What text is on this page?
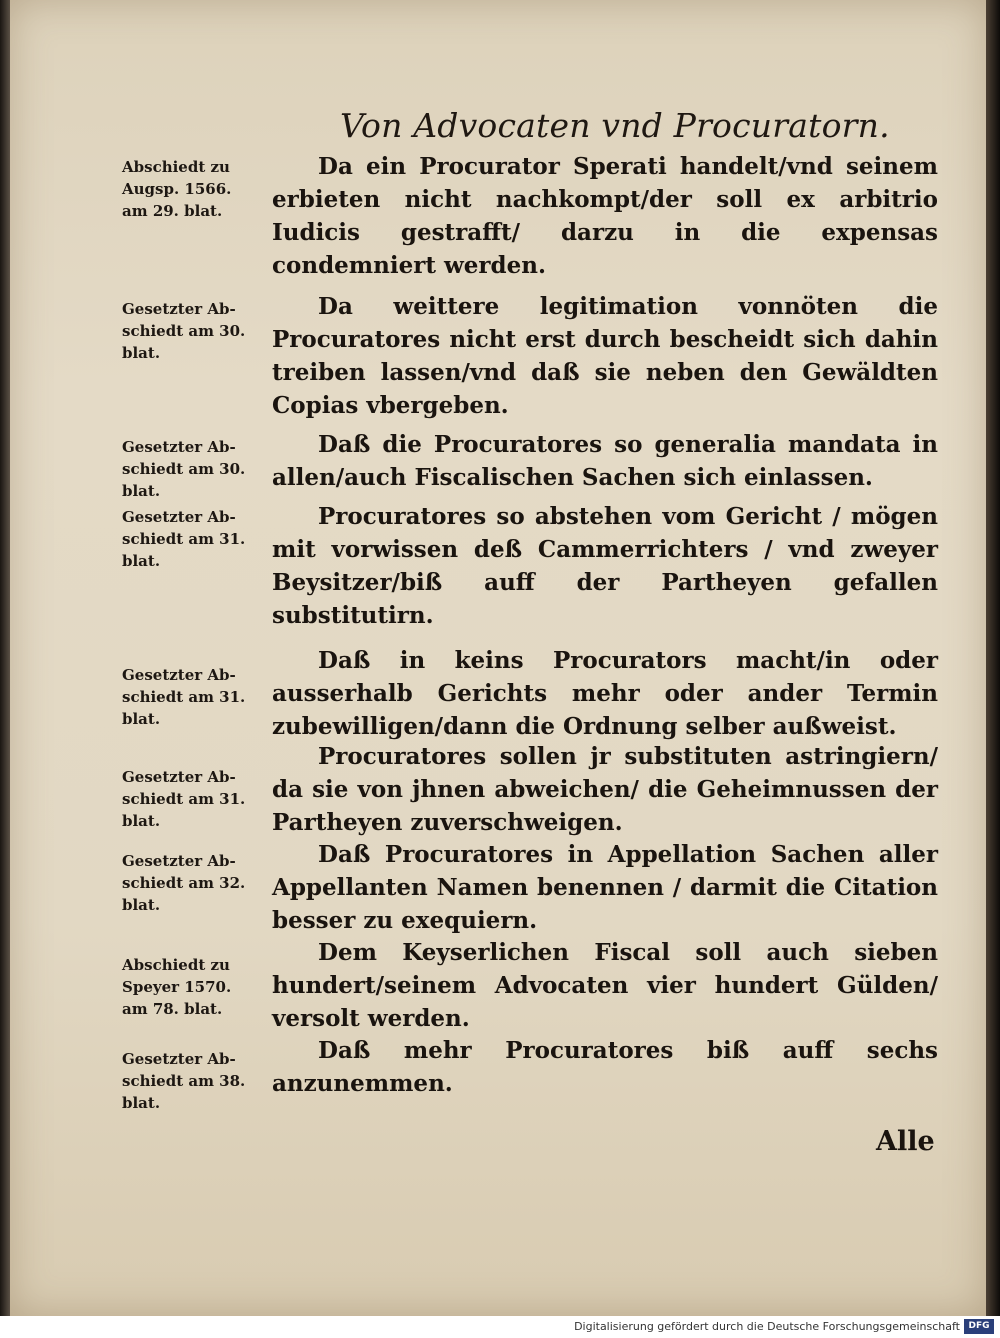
Von Advocaten vnd Procuratorn.
Abschiedt zu
Augsp. 1566.
am 29. blat.
Da ein Procurator Sperati handelt/vnd seinem erbieten nicht nachkompt/der soll ex arbitrio Iudicis gestrafft/ darzu in die expensas condemniert werden.
Gesetzter Ab-
schiedt am 30.
blat.
Da weittere legitimation vonnöten die Procuratores nicht erst durch bescheidt sich dahin treiben lassen/vnd daß sie neben den Gewäldten Copias vbergeben.
Gesetzter Ab-
schiedt am 30.
blat.
Daß die Procuratores so generalia mandata in allen/auch Fiscalischen Sachen sich einlassen.
Gesetzter Ab-
schiedt am 31.
blat.
Procuratores so abstehen vom Gericht / mögen mit vorwissen deß Cammerrichters / vnd zweyer Beysitzer/biß auff der Partheyen gefallen substitutirn.
Gesetzter Ab-
schiedt am 31.
blat.
Daß in keins Procurators macht/in oder ausserhalb Gerichts mehr oder ander Termin zubewilligen/dann die Ordnung selber außweist.
Gesetzter Ab-
schiedt am 31.
blat.
Procuratores sollen jr substituten astringiern/ da sie von jhnen abweichen/ die Geheimnussen der Partheyen zuverschweigen.
Gesetzter Ab-
schiedt am 32.
blat.
Daß Procuratores in Appellation Sachen aller Appellanten Namen benennen / darmit die Citation besser zu exequiern.
Abschiedt zu
Speyer 1570.
am 78. blat.
Dem Keyserlichen Fiscal soll auch sieben hundert/seinem Advocaten vier hundert Gülden/ versolt werden.
Gesetzter Ab-
schiedt am 38.
blat.
Daß mehr Procuratores biß auff sechs anzunemmen.
Alle
Digitalisierung gefördert durch die Deutsche Forschungsgemeinschaft DFG
